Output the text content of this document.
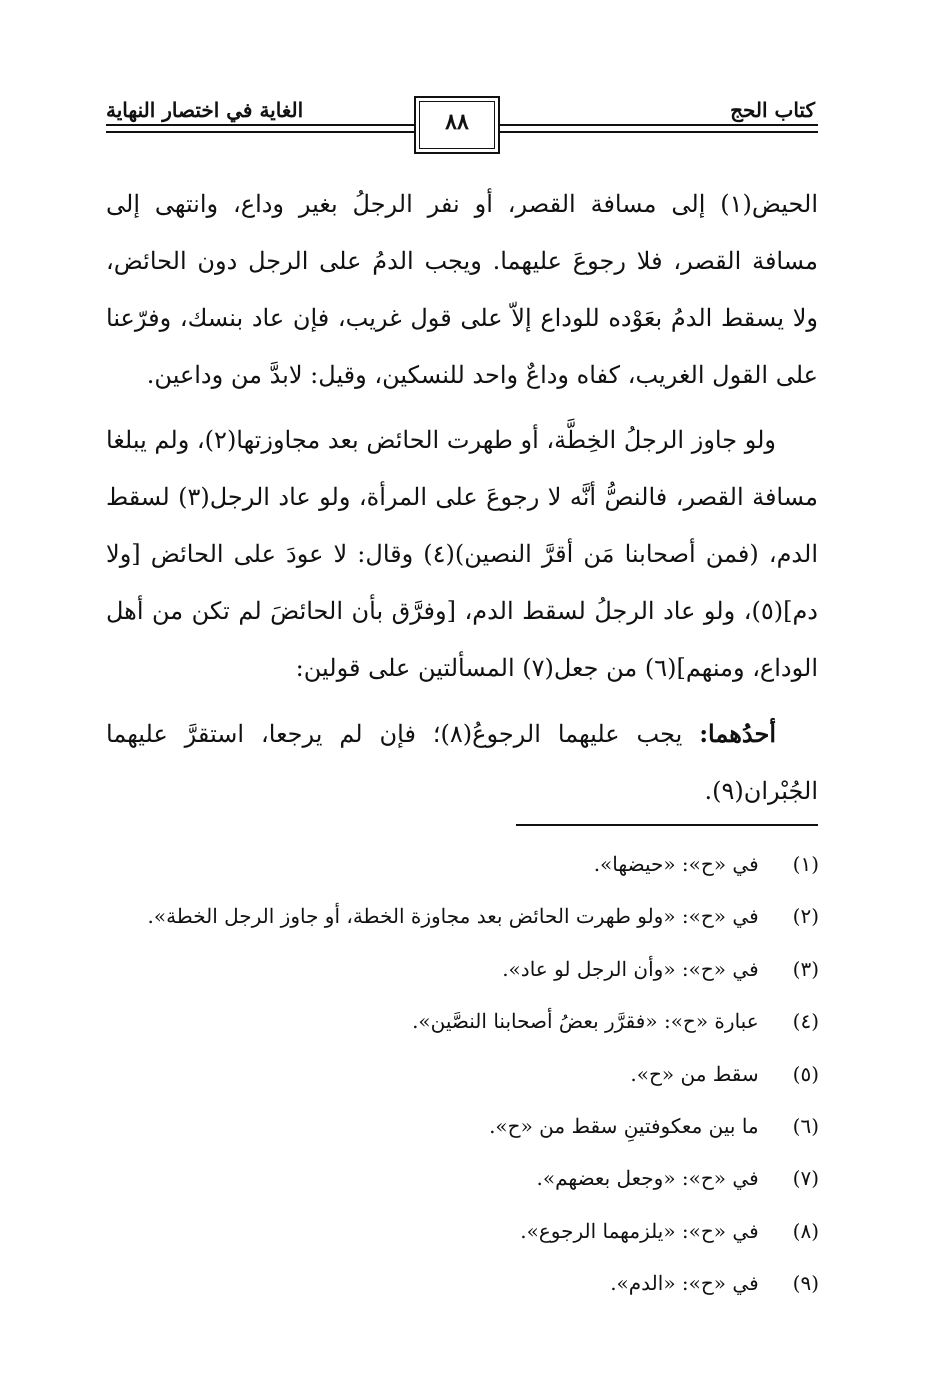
كتاب الحج
الغاية في اختصار النهاية	٨٨

الحيض(١) إلى مسافة القصر، أو نفر الرجلُ بغير وداع، وانتهى إلى مسافة القصر، فلا رجوعَ عليهما. ويجب الدمُ على الرجل دون الحائض، ولا يسقط الدمُ بعَوْده للوداع إلاّ على قول غريب، فإن عاد بنسك، وفرّعنا على القول الغريب، كفاه وداعٌ واحد للنسكين، وقيل: لابدَّ من وداعين.

ولو جاوز الرجلُ الخِطَّة، أو طهرت الحائض بعد مجاوزتها(٢)، ولم يبلغا مسافة القصر، فالنصُّ أنَّه لا رجوعَ على المرأة، ولو عاد الرجل(٣) لسقط الدم، (فمن أصحابنا مَن أقرَّ النصين)(٤) وقال: لا عودَ على الحائض [ولا دم](٥)، ولو عاد الرجلُ لسقط الدم، [وفرَّق بأن الحائضَ لم تكن من أهل الوداع، ومنهم](٦) من جعل(٧) المسألتين على قولين:

أحدُهما: يجب عليهما الرجوعُ(٨)؛ فإن لم يرجعا، استقرَّ عليهما الجُبْران(٩).

(١) في «ح»: «حيضها».
(٢) في «ح»: «ولو طهرت الحائض بعد مجاوزة الخطة، أو جاوز الرجل الخطة».
(٣) في «ح»: «وأن الرجل لو عاد».
(٤) عبارة «ح»: «فقرَّر بعضُ أصحابنا النصَّين».
(٥) سقط من «ح».
(٦) ما بين معكوفتينِ سقط من «ح».
(٧) في «ح»: «وجعل بعضهم».
(٨) في «ح»: «يلزمهما الرجوع».
(٩) في «ح»: «الدم».
